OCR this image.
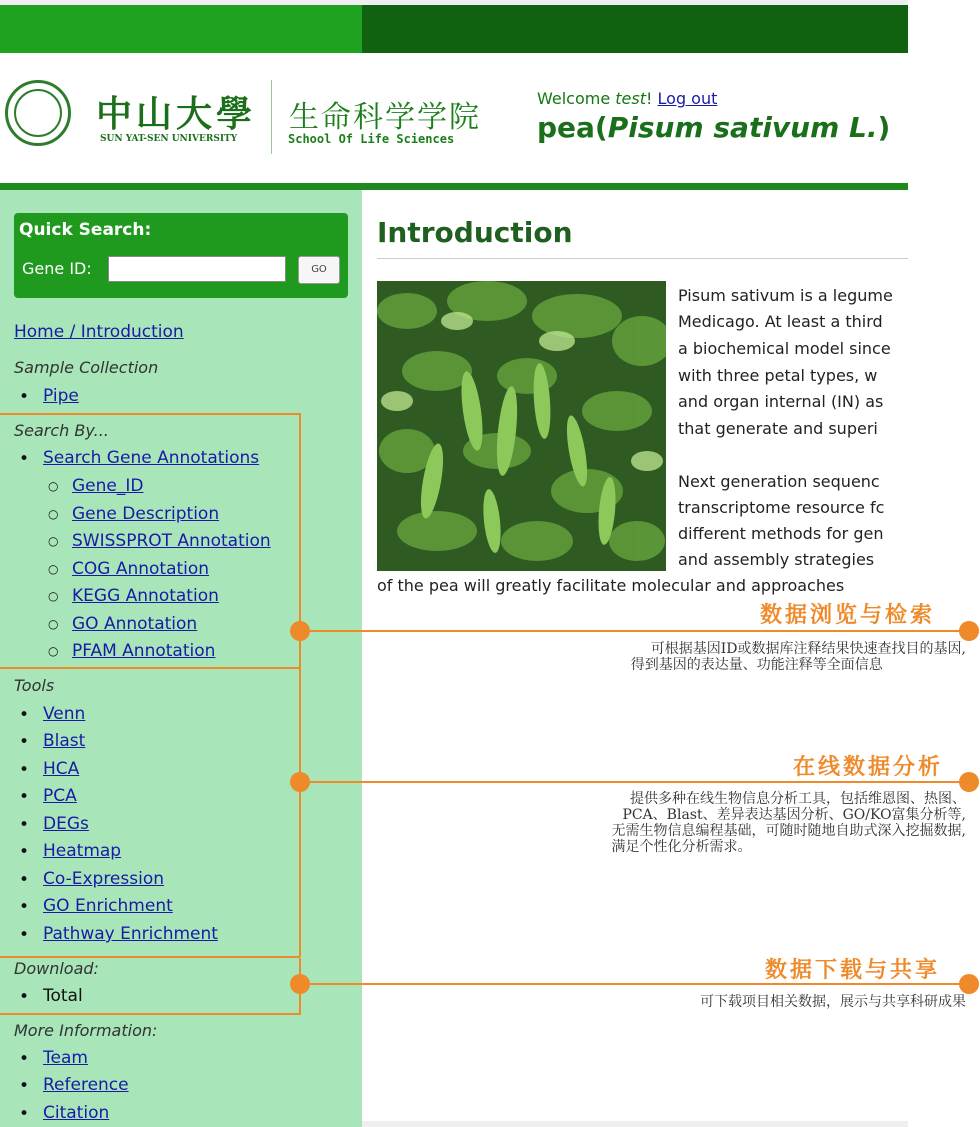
中山大學
SUN YAT-SEN UNIVERSITY
生命科学学院
School Of Life Sciences
Welcome test! Log out
pea(Pisum sativum L.)
Quick Search:
Gene ID:	GO
Home / Introduction
Sample Collection
• Pipe
Search By...
• Search Gene Annotations
○ Gene_ID
○ Gene Description
○ SWISSPROT Annotation
○ COG Annotation
○ KEGG Annotation
○ GO Annotation
○ PFAM Annotation
Tools
• Venn
• Blast
• HCA
• PCA
• DEGs
• Heatmap
• Co-Expression
• GO Enrichment
• Pathway Enrichment
Download:
• Total
More Information:
• Team
• Reference
• Citation
Introduction
Pisum sativum is a legume
Medicago. At least a third
a biochemical model since
with three petal types, w
and organ internal (IN) as
that generate and superi
Next generation sequenc
transcriptome resource fc
different methods for gen
and assembly strategies
of the pea will greatly facilitate molecular and approaches
数据浏览与检索
可根据基因ID或数据库注释结果快速查找目的基因,
得到基因的表达量、功能注释等全面信息
在线数据分析
提供多种在线生物信息分析工具，包括维恩图、热图、
PCA、Blast、差异表达基因分析、GO/KO富集分析等,
无需生物信息编程基础，可随时随地自助式深入挖掘数据,
满足个性化分析需求。
数据下载与共享
可下载项目相关数据，展示与共享科研成果
